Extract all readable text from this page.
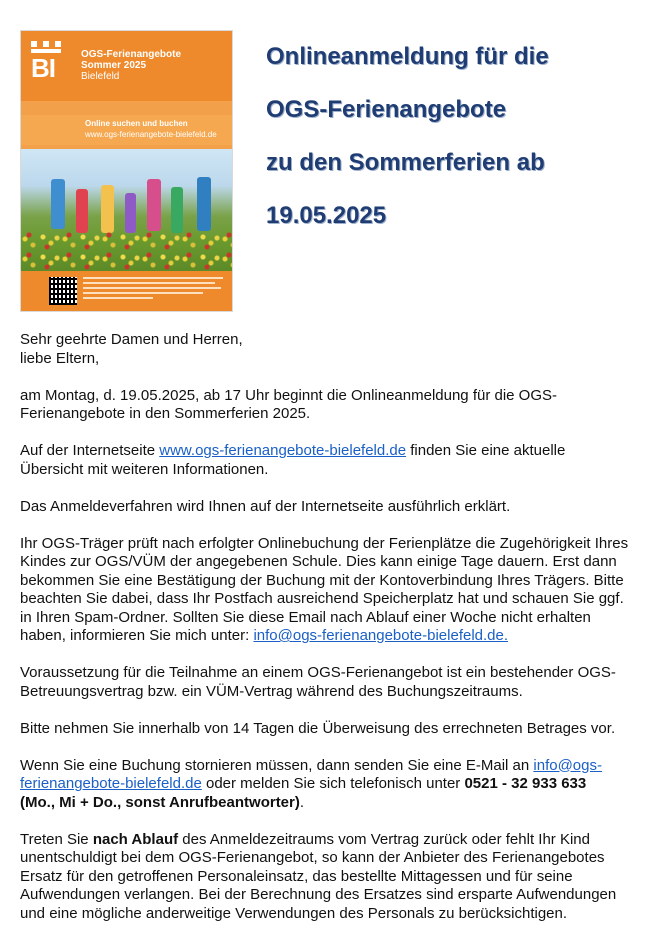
BI	OGS-Ferienangebote
Sommer 2025
Bielefeld
Online suchen und buchen
www.ogs-ferienangebote-bielefeld.de
Onlineanmeldung für die
OGS-Ferienangebote
zu den Sommerferien ab
19.05.2025

Sehr geehrte Damen und Herren,
liebe Eltern,

am Montag, d. 19.05.2025, ab 17 Uhr beginnt die Onlineanmeldung für die OGS-
Ferienangebote in den Sommerferien 2025.

Auf der Internetseite www.ogs-ferienangebote-bielefeld.de finden Sie eine aktuelle
Übersicht mit weiteren Informationen.

Das Anmeldeverfahren wird Ihnen auf der Internetseite ausführlich erklärt.

Ihr OGS-Träger prüft nach erfolgter Onlinebuchung der Ferienplätze die Zugehörigkeit Ihres
Kindes zur OGS/VÜM der angegebenen Schule. Dies kann einige Tage dauern. Erst dann
bekommen Sie eine Bestätigung der Buchung mit der Kontoverbindung Ihres Trägers. Bitte
beachten Sie dabei, dass Ihr Postfach ausreichend Speicherplatz hat und schauen Sie ggf.
in Ihren Spam-Ordner. Sollten Sie diese Email nach Ablauf einer Woche nicht erhalten
haben, informieren Sie mich unter: info@ogs-ferienangebote-bielefeld.de.

Voraussetzung für die Teilnahme an einem OGS-Ferienangebot ist ein bestehender OGS-
Betreuungsvertrag bzw. ein VÜM-Vertrag während des Buchungszeitraums.

Bitte nehmen Sie innerhalb von 14 Tagen die Überweisung des errechneten Betrages vor.

Wenn Sie eine Buchung stornieren müssen, dann senden Sie eine E-Mail an info@ogs-
ferienangebote-bielefeld.de oder melden Sie sich telefonisch unter 0521 - 32 933 633
(Mo., Mi + Do., sonst Anrufbeantworter).

Treten Sie nach Ablauf des Anmeldezeitraums vom Vertrag zurück oder fehlt Ihr Kind
unentschuldigt bei dem OGS-Ferienangebot, so kann der Anbieter des Ferienangebotes
Ersatz für den getroffenen Personaleinsatz, das bestellte Mittagessen und für seine
Aufwendungen verlangen. Bei der Berechnung des Ersatzes sind ersparte Aufwendungen
und eine mögliche anderweitige Verwendungen des Personals zu berücksichtigen.
